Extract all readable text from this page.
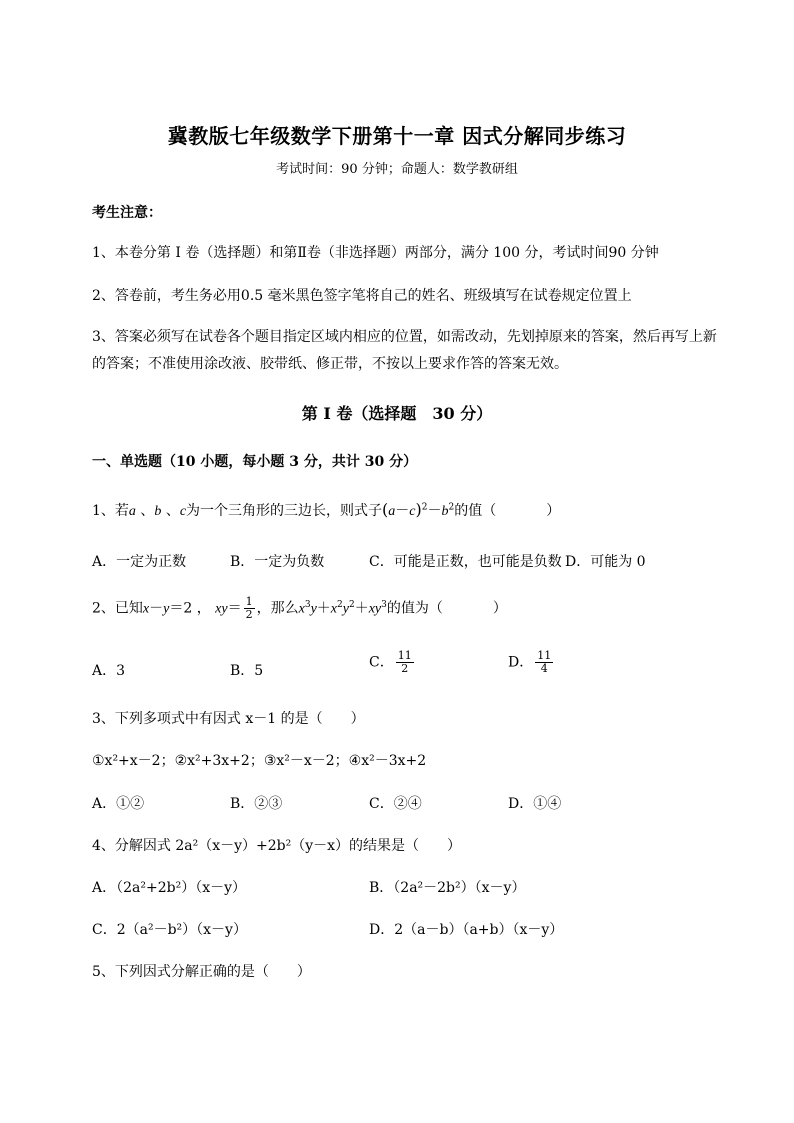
冀教版七年级数学下册第十一章 因式分解同步练习
考试时间：90 分钟；命题人：数学教研组
考生注意：
1、本卷分第 I 卷（选择题）和第Ⅱ卷（非选择题）两部分，满分 100 分，考试时间90 分钟
2、答卷前，考生务必用0.5 毫米黑色签字笔将自己的姓名、班级填写在试卷规定位置上
3、答案必须写在试卷各个题目指定区域内相应的位置，如需改动，先划掉原来的答案，然后再写上新
的答案；不准使用涂改液、胶带纸、修正带，不按以上要求作答的答案无效。
第 I 卷（选择题　30 分）
一、单选题（10 小题，每小题 3 分，共计 30 分）
1、若a 、b 、c为一个三角形的三边长，则式子$(a-c)^2-b^2$的值（	）
A．一定为正数	B．一定为负数	C．可能是正数，也可能是负数 D．可能为 0
2、已知x－y＝2 ， $xy= \frac{1}{2}$ ，那么$x^3y+x^2y^2+xy^3$的值为（	）
A．3	B．5
C． $\frac{11}{2}$	D． $\frac{11}{4}$
3、下列多项式中有因式 x－1 的是（　　）
①x²+x－2；②x²+3x+2；③x²－x－2；④x²－3x+2
A．①②	B．②③	C．②④	D．①④
4、分解因式 2a²（x－y）+2b²（y－x）的结果是（　　）
A．（2a²+2b²）（x－y）	B．（2a²－2b²）（x－y）
C．2（a²－b²）（x－y）	D．2（a－b）（a+b）（x－y）
5、下列因式分解正确的是（　　）
